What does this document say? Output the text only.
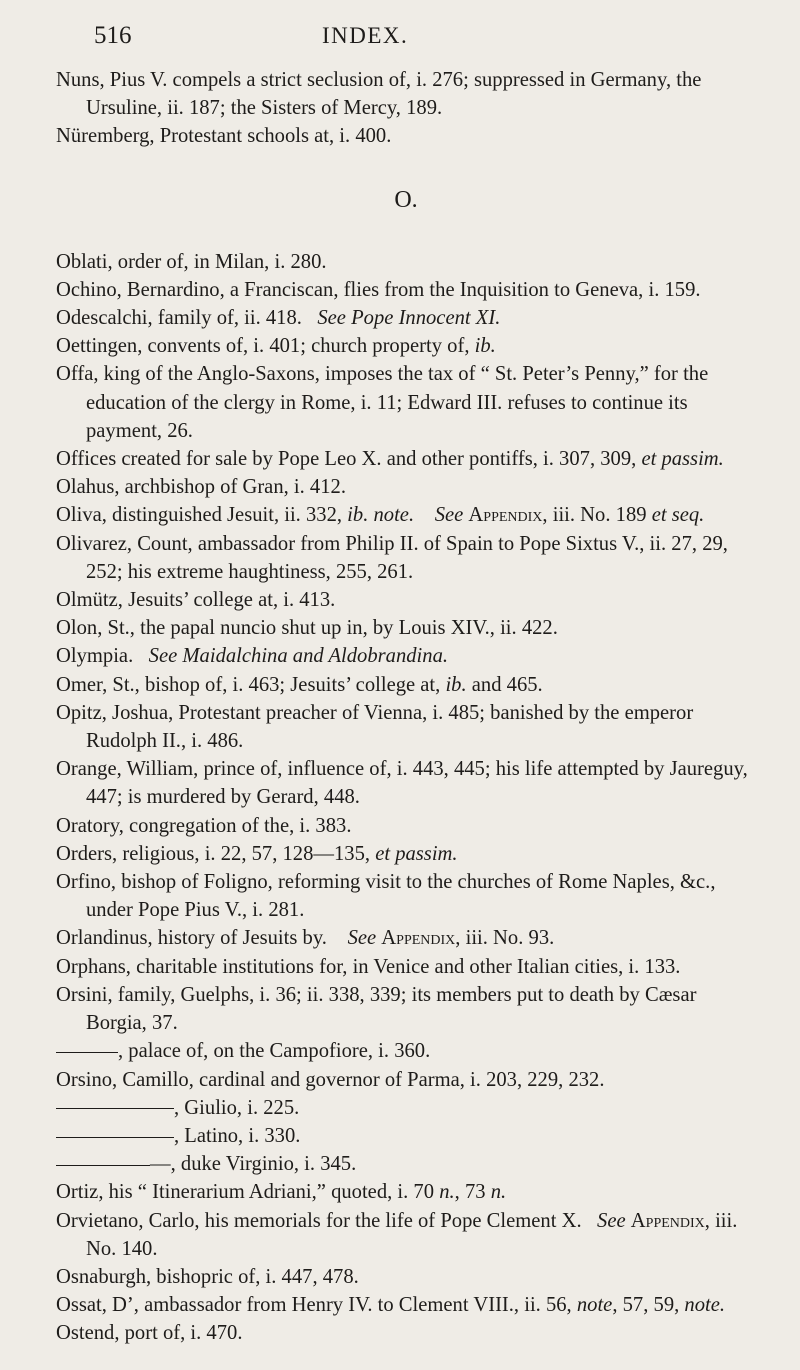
516	INDEX.

Nuns, Pius V. compels a strict seclusion of, i. 276; suppressed in Germany, the Ursuline, ii. 187; the Sisters of Mercy, 189.

Nüremberg, Protestant schools at, i. 400.

O.

Oblati, order of, in Milan, i. 280.

Ochino, Bernardino, a Franciscan, flies from the Inquisition to Geneva, i. 159.

Odescalchi, family of, ii. 418. See Pope Innocent XI.

Oettingen, convents of, i. 401; church property of, ib.

Offa, king of the Anglo-Saxons, imposes the tax of “ St. Peter’s Penny,” for the education of the clergy in Rome, i. 11; Edward III. refuses to continue its payment, 26.

Offices created for sale by Pope Leo X. and other pontiffs, i. 307, 309, et passim.

Olahus, archbishop of Gran, i. 412.

Oliva, distinguished Jesuit, ii. 332, ib. note. See Appendix, iii. No. 189 et seq.

Olivarez, Count, ambassador from Philip II. of Spain to Pope Sixtus V., ii. 27, 29, 252; his extreme haughtiness, 255, 261.

Olmütz, Jesuits’ college at, i. 413.

Olon, St., the papal nuncio shut up in, by Louis XIV., ii. 422.

Olympia.   See Maidalchina and Aldobrandina.

Omer, St., bishop of, i. 463; Jesuits’ college at, ib. and 465.

Opitz, Joshua, Protestant preacher of Vienna, i. 485; banished by the emperor Rudolph II., i. 486.

Orange, William, prince of, influence of, i. 443, 445; his life attempted by Jaureguy, 447; is murdered by Gerard, 448.

Oratory, congregation of the, i. 383.

Orders, religious, i. 22, 57, 128—135, et passim.

Orfino, bishop of Foligno, reforming visit to the churches of Rome Naples, &c., under Pope Pius V., i. 281.

Orlandinus, history of Jesuits by.    See Appendix, iii. No. 93.

Orphans, charitable institutions for, in Venice and other Italian cities, i. 133.

Orsini, family, Guelphs, i. 36; ii. 338, 339; its members put to death by Cæsar Borgia, 37.

, palace of, on the Campofiore, i. 360.

Orsino, Camillo, cardinal and governor of Parma, i. 203, 229, 232.

, Giulio, i. 225.

, Latino, i. 330.

—, duke Virginio, i. 345.

Ortiz, his “ Itinerarium Adriani,” quoted, i. 70 n., 73 n.

Orvietano, Carlo, his memorials for the life of Pope Clement X.   See Appendix, iii. No. 140.

Osnaburgh, bishopric of, i. 447, 478.

Ossat, D’, ambassador from Henry IV. to Clement VIII., ii. 56, note, 57, 59, note.

Ostend, port of, i. 470.
